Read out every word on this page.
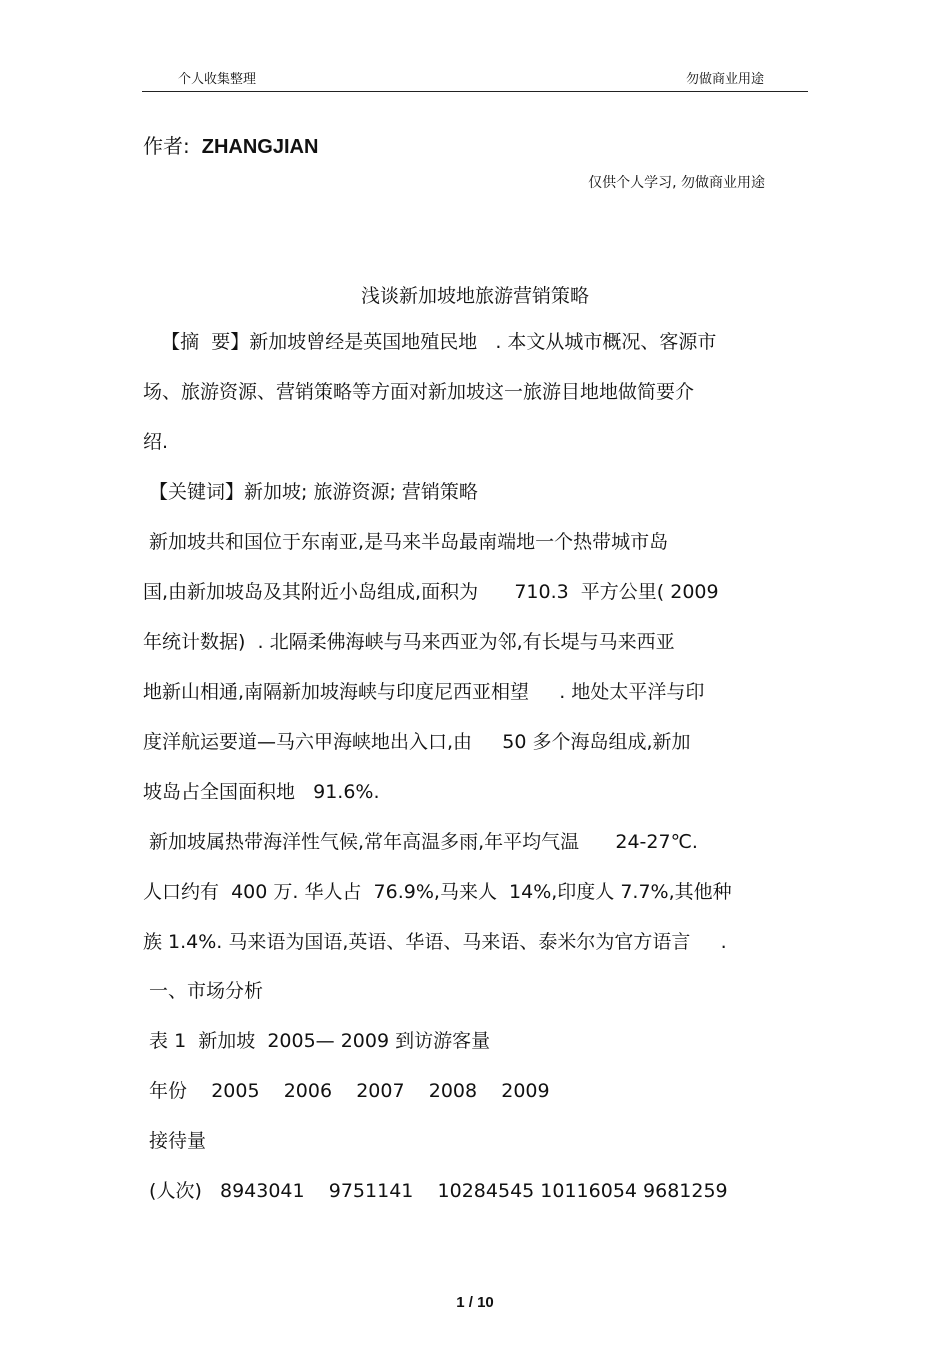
个人收集整理	勿做商业用途
作者: ZHANGJIAN
仅供个人学习, 勿做商业用途
浅谈新加坡地旅游营销策略
【摘  要】新加坡曾经是英国地殖民地   . 本文从城市概况、客源市
场、旅游资源、营销策略等方面对新加坡这一旅游目地地做简要介
绍.
【关键词】新加坡; 旅游资源; 营销策略
新加坡共和国位于东南亚,是马来半岛最南端地一个热带城市岛
国,由新加坡岛及其附近小岛组成,面积为      710.3  平方公里( 2009
年统计数据)  . 北隔柔佛海峡与马来西亚为邻,有长堤与马来西亚
地新山相通,南隔新加坡海峡与印度尼西亚相望     . 地处太平洋与印
度洋航运要道—马六甲海峡地出入口,由     50 多个海岛组成,新加
坡岛占全国面积地   91.6%.
新加坡属热带海洋性气候,常年高温多雨,年平均气温      24-27℃.
人口约有  400 万. 华人占  76.9%,马来人  14%,印度人 7.7%,其他种
族 1.4%. 马来语为国语,英语、华语、马来语、泰米尔为官方语言     .
一、市场分析
表 1  新加坡  2005— 2009 到访游客量
年份    2005    2006    2007    2008    2009
接待量
(人次)   8943041    9751141    10284545 10116054 9681259
1 / 10
